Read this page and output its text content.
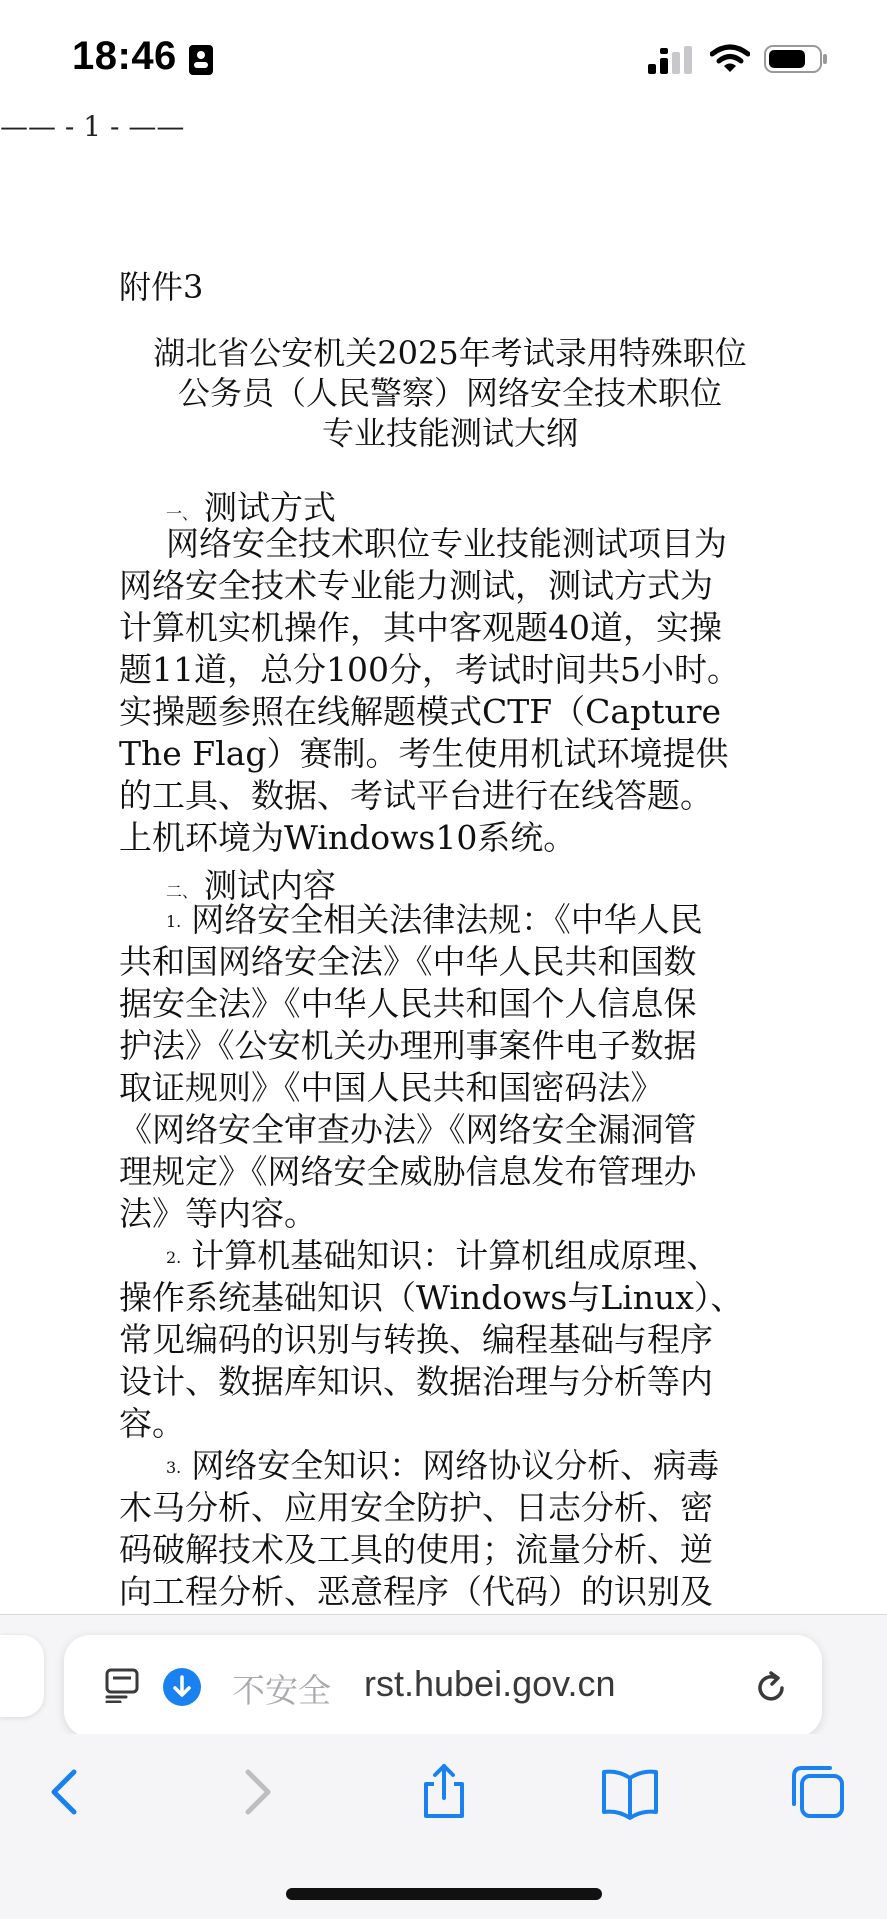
18:46
—— - 1 - ——
附件3
湖北省公安机关2025年考试录用特殊职位
公务员（人民警察）网络安全技术职位
专业技能测试大纲
一、 测试方式
网络安全技术职位专业技能测试项目为
网络安全技术专业能力测试，测试方式为
计算机实机操作，其中客观题40道，实操
题11道，总分100分，考试时间共5小时。
实操题参照在线解题模式CTF（Capture
The Flag）赛制。考生使用机试环境提供
的工具、数据、考试平台进行在线答题。
上机环境为Windows10系统。
二、 测试内容
1. 网络安全相关法律法规：《中华人民
共和国网络安全法》《中华人民共和国数
据安全法》《中华人民共和国个人信息保
护法》《公安机关办理刑事案件电子数据
取证规则》《中国人民共和国密码法》
《网络安全审查办法》《网络安全漏洞管
理规定》《网络安全威胁信息发布管理办
法》等内容。
2. 计算机基础知识：计算机组成原理、
操作系统基础知识（Windows与Linux）、
常见编码的识别与转换、编程基础与程序
设计、数据库知识、数据治理与分析等内
容。
3. 网络安全知识：网络协议分析、病毒
木马分析、应用安全防护、日志分析、密
码破解技术及工具的使用；流量分析、逆
向工程分析、恶意程序（代码）的识别及
不安全 rst.hubei.gov.cn
